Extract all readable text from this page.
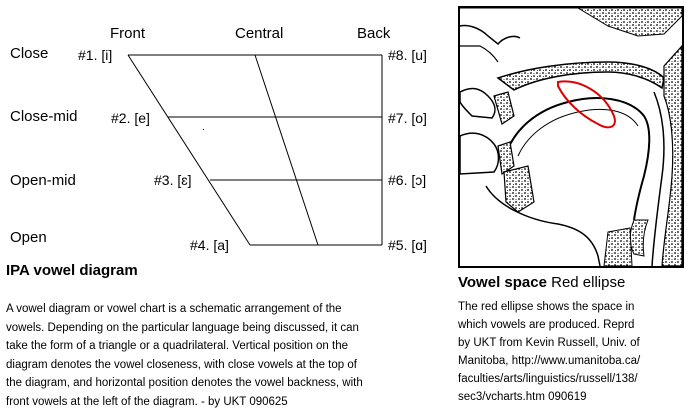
Front	Central	Back
Close
Close-mid
Open-mid
Open
#1. [i]
#2. [e]
#3. [ɛ]
#4. [a]	#5. [ɑ]
#6. [ɔ]
#7. [o]
#8. [u]
IPA vowel diagram
A vowel diagram or vowel chart is a schematic arrangement of the
vowels. Depending on the particular language being discussed, it can
take the form of a triangle or a quadrilateral. Vertical position on the
diagram denotes the vowel closeness, with close vowels at the top of
the diagram, and horizontal position denotes the vowel backness, with
front vowels at the left of the diagram. - by UKT 090625
Vowel space Red ellipse
The red ellipse shows the space in
which vowels are produced. Reprd
by UKT from Kevin Russell, Univ. of
Manitoba, http://www.umanitoba.ca/
faculties/arts/linguistics/russell/138/
sec3/vcharts.htm 090619
